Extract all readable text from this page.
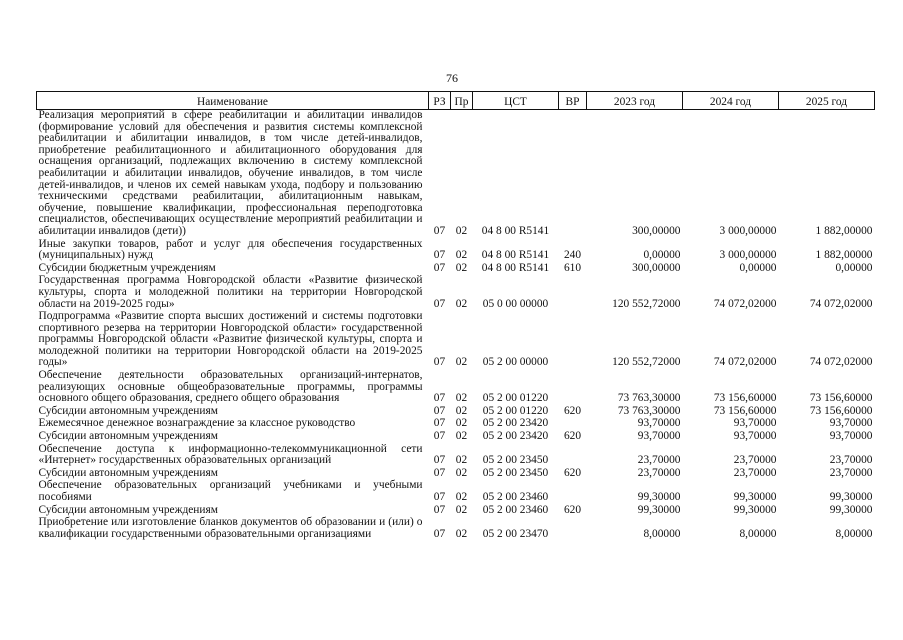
76
Наименование	РЗ	Пр	ЦСТ	ВР	2023 год	2024 год	2025 год
Реализация мероприятий в сфере реабилитации и абилитации инвалидов (формирование условий для обеспечения и развития системы комплексной реабилитации и абилитации инвалидов, в том числе детей-инвалидов, приобретение реабилитационного и абилитационного оборудования для оснащения организаций, подлежащих включению в систему комплексной реабилитации и абилитации инвалидов, обучение инвалидов, в том числе детей-инвалидов, и членов их семей навыкам ухода, подбору и пользованию техническими средствами реабилитации, абилитационным навыкам, обучение, повышение квалификации, профессиональная переподготовка специалистов, обеспечивающих осуществление мероприятий реабилитации и абилитации инвалидов (дети))	07	02	04 8 00 R5141		300,00000	3 000,00000	1 882,00000
Иные закупки товаров, работ и услуг для обеспечения государственных (муниципальных) нужд	07	02	04 8 00 R5141	240	0,00000	3 000,00000	1 882,00000
Субсидии бюджетным учреждениям	07	02	04 8 00 R5141	610	300,00000	0,00000	0,00000
Государственная программа Новгородской области «Развитие физической культуры, спорта и молодежной политики на территории Новгородской области на 2019-2025 годы»	07	02	05 0 00 00000		120 552,72000	74 072,02000	74 072,02000
Подпрограмма «Развитие спорта высших достижений и системы подготовки спортивного резерва на территории Новгородской области» государственной программы Новгородской области «Развитие физической культуры, спорта и молодежной политики на территории Новгородской области на 2019-2025 годы»	07	02	05 2 00 00000		120 552,72000	74 072,02000	74 072,02000
Обеспечение деятельности образовательных организаций-интернатов, реализующих основные общеобразовательные программы, программы основного общего образования, среднего общего образования	07	02	05 2 00 01220		73 763,30000	73 156,60000	73 156,60000
Субсидии автономным учреждениям	07	02	05 2 00 01220	620	73 763,30000	73 156,60000	73 156,60000
Ежемесячное денежное вознаграждение за классное руководство	07	02	05 2 00 23420		93,70000	93,70000	93,70000
Субсидии автономным учреждениям	07	02	05 2 00 23420	620	93,70000	93,70000	93,70000
Обеспечение доступа к информационно-телекоммуникационной сети «Интернет» государственных образовательных организаций	07	02	05 2 00 23450		23,70000	23,70000	23,70000
Субсидии автономным учреждениям	07	02	05 2 00 23450	620	23,70000	23,70000	23,70000
Обеспечение образовательных организаций учебниками и учебными пособиями	07	02	05 2 00 23460		99,30000	99,30000	99,30000
Субсидии автономным учреждениям	07	02	05 2 00 23460	620	99,30000	99,30000	99,30000
Приобретение или изготовление бланков документов об образовании и (или) о квалификации государственными образовательными организациями	07	02	05 2 00 23470		8,00000	8,00000	8,00000
